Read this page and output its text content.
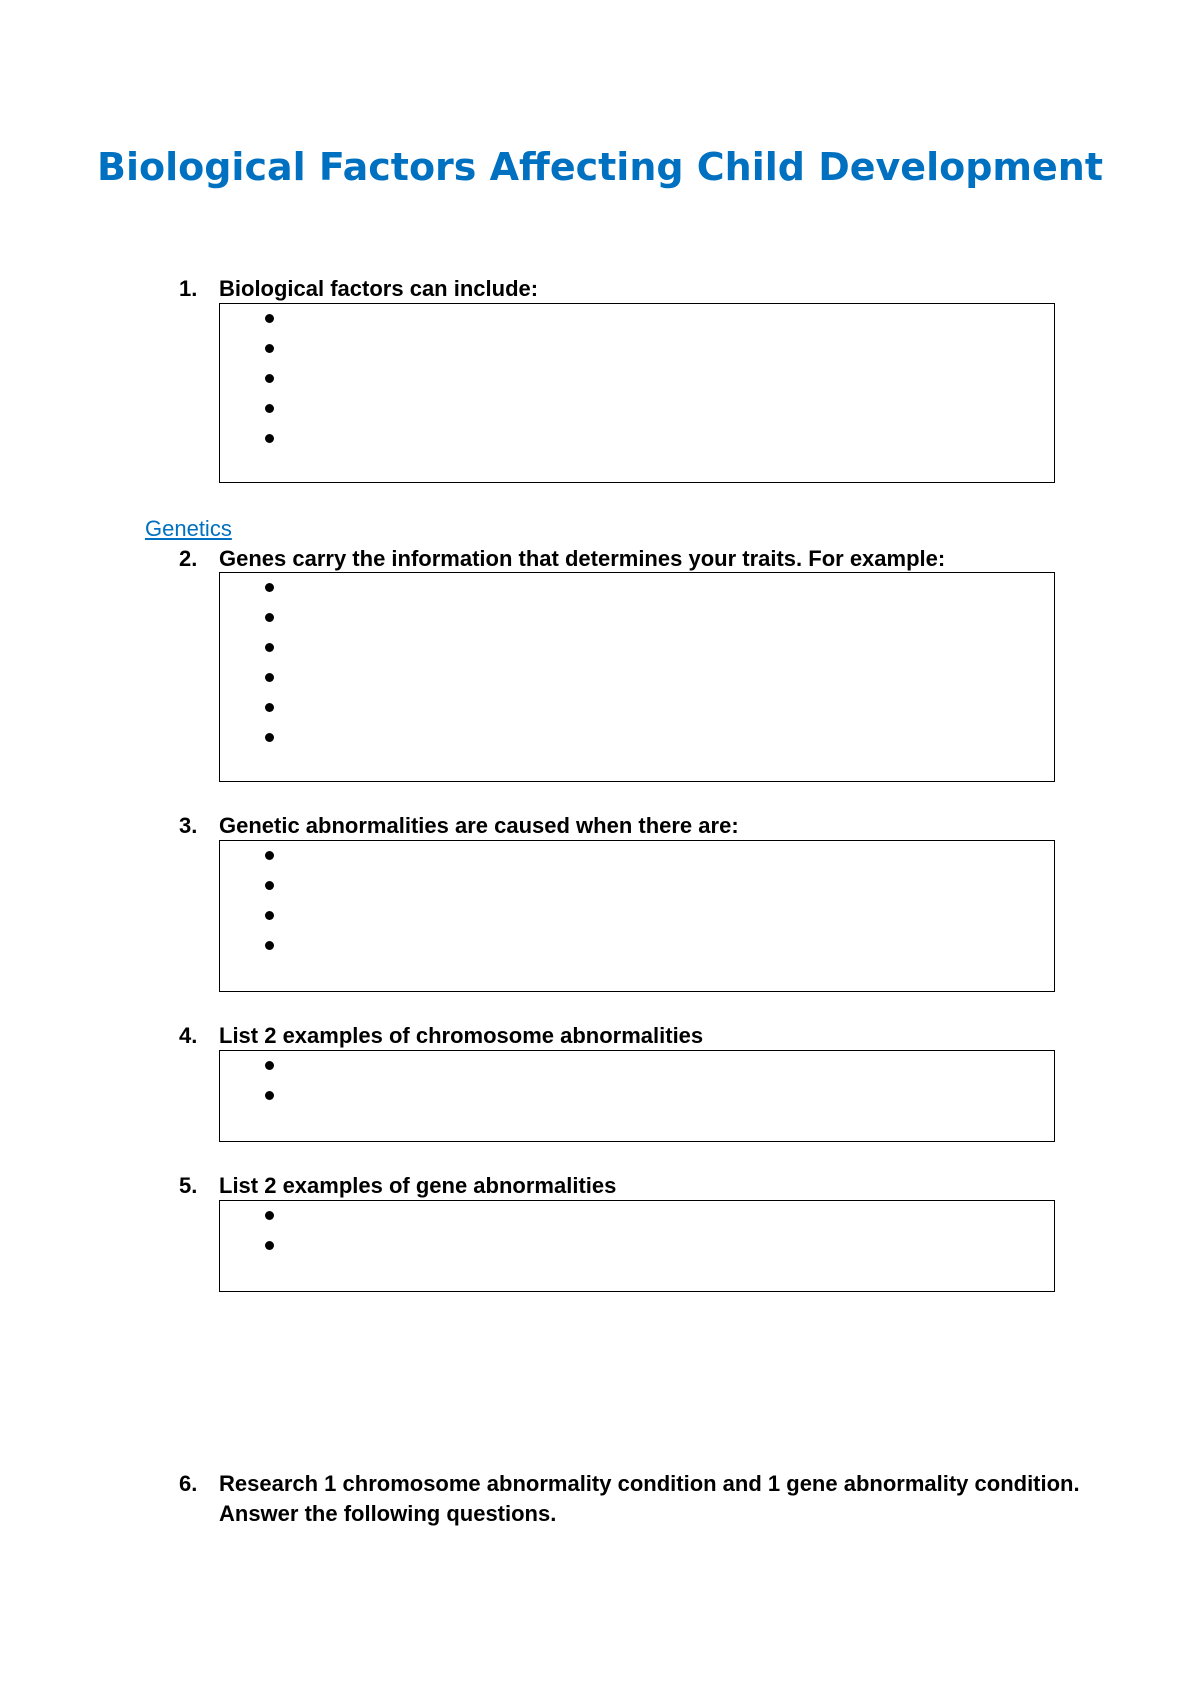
Biological Factors Affecting Child Development
1. Biological factors can include:
Genetics
2. Genes carry the information that determines your traits. For example:
3. Genetic abnormalities are caused when there are:
4. List 2 examples of chromosome abnormalities
5. List 2 examples of gene abnormalities
6. Research 1 chromosome abnormality condition and 1 gene abnormality condition.
Answer the following questions.
